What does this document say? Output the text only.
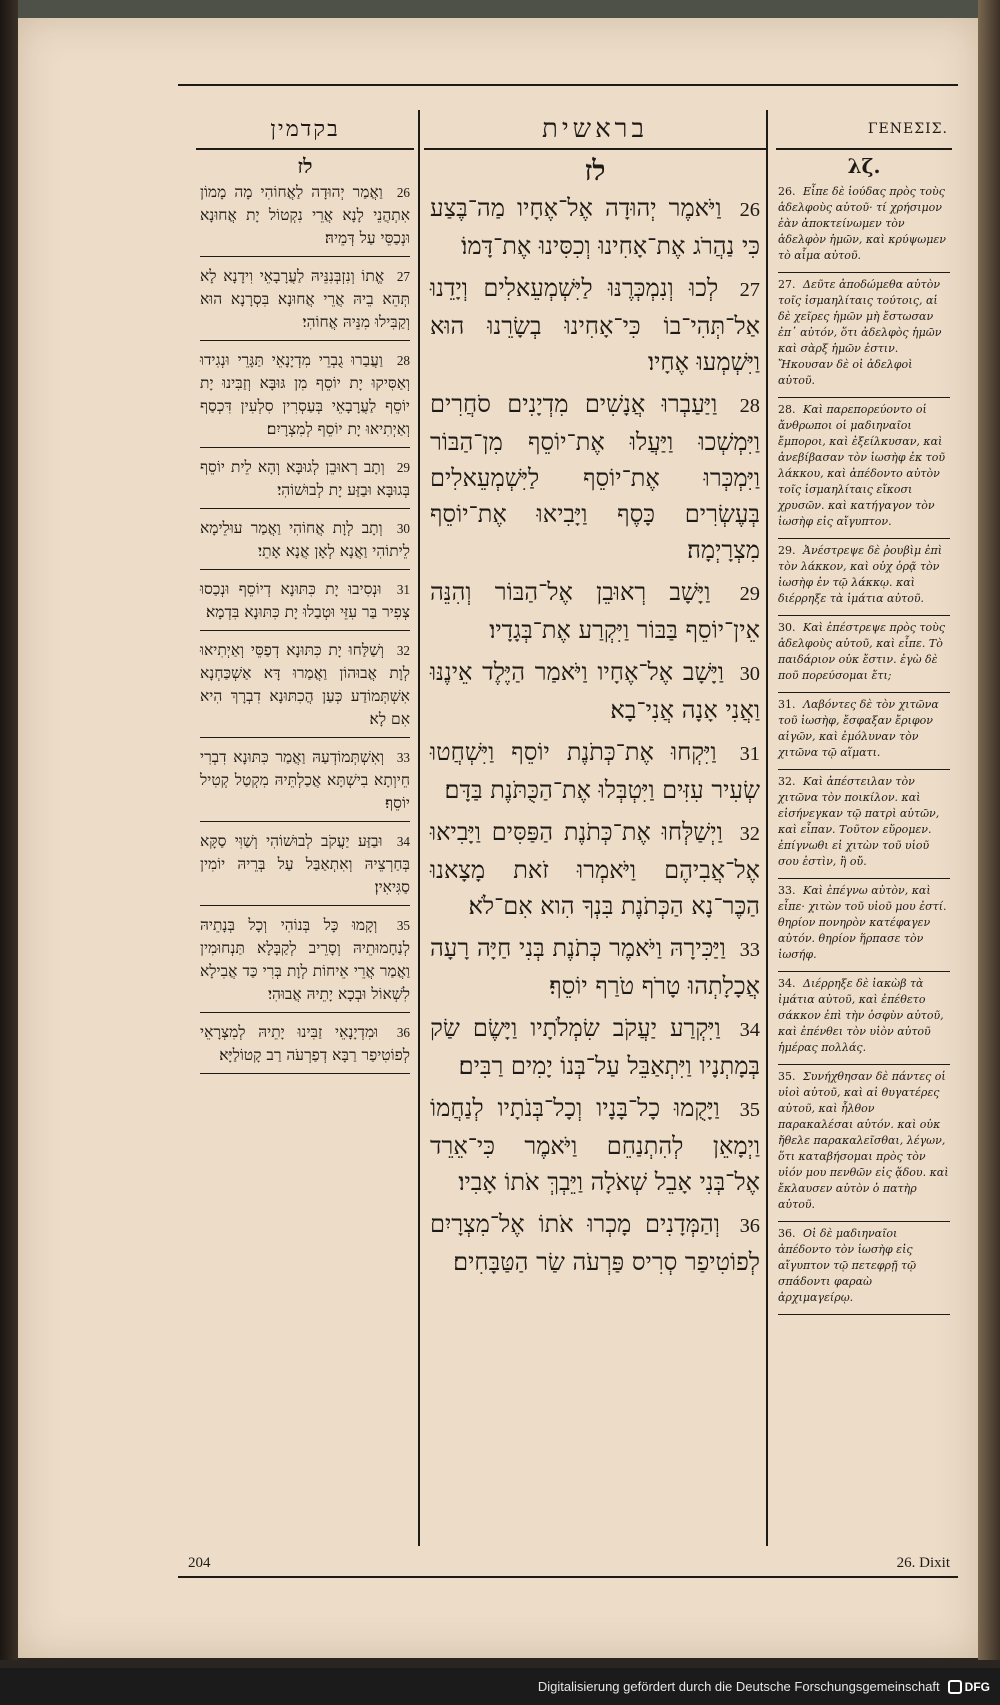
בקדמין
לז
26 וַאֲמַר יְהוּדָה לַאֲחוֹהִי מָה מָמוֹן אִתְהֲנֵי לָנָא אֲרֵי נִקְטוֹל יָת אֲחוּנָא וּנְכַסֵּי עַל דְּמֵיהּ׃
27 אֱתוֹ וְנִזְבְּנִנֵּיהּ לַעֲרָבָאֵי וִידָנָא לָא תְּהֵא בֵיהּ אֲרֵי אֲחוּנָא בִּסְרָנָא הוּא וְקַבִּילוּ מִנֵּיהּ אֲחוֹהִי׃
28 וַעֲבַרוּ גֻבְרֵי מִדְיָנָאֵי תַּגָּרֵי וּנְגִידוּ וְאַסִּיקוּ יָת יוֹסֵף מִן גּוּבָּא וְזַבִּינוּ יָת יוֹסֵף לַעֲרָבָאֵי בְּעַסְרִין סִלְעִין דִּכְסַף וְאַיְתִיאוּ יָת יוֹסֵף לְמִצְרָיִם׃
29 וְתָב רְאוּבֵן לְגוּבָּא וְהָא לֵית יוֹסֵף בְּגוּבָּא וּבַזַּע יָת לְבוּשׁוֹהִי׃
30 וְתָב לְוָת אֲחוֹהִי וַאֲמַר עוּלֵימָא לֵיתוֹהִי וַאֲנָא לְאָן אֲנָא אָתֵי׃
31 וּנְסִיבוּ יָת כִּתּוּנָא דְיוֹסֵף וּנְכַסוּ צְפִיר בַּר עִזֵּי וּטְבַלוּ יָת כִּתּוּנָא בִּדְמָא׃
32 וְשַׁלַּחוּ יָת כִּתּוּנָא דְפַסֵּי וְאַיְתִיאוּ לְוָת אֲבוּהוֹן וַאֲמַרוּ דָּא אַשְׁכַּחְנָא אִשְׁתְּמוֹדַע כְּעַן הֲכִתּוּנָא דִבְרָךְ הִיא אִם לָא׃
33 וְאִשְׁתְּמוֹדְעַהּ וַאֲמַר כִּתּוּנָא דִבְרִי חֵיוְתָא בִישְׁתָּא אֲכַלְתֵּיהּ מִקְטַל קְטִיל יוֹסֵף׃
34 וּבַזַּע יַעֲקֹב לְבוּשׁוֹהִי וְשַׁוִּי סַקָּא בְּחַרְצֵיהּ וְאִתְאַבַּל עַל בְּרֵיהּ יוֹמִין סַגִּיאִין׃
35 וְקָמוּ כָּל בְּנוֹהִי וְכָל בְּנָתֵיהּ לְנַחָמוּתֵיהּ וְסָרֵיב לְקַבָּלָא תַּנְחוּמִין וַאֲמַר אֲרֵי אֵיחוֹת לְוָת בְּרִי כַּד אֲבִילָא לִשְׁאוֹל וּבְכָא יָתֵיהּ אֲבוּהִי׃
36 וּמִדְיָנָאֵי זַבִּינוּ יָתֵיהּ לְמִצְרָאֵי לְפוֹטִיפַר רַבָּא דְפַרְעֹה רַב קָטוֹלַיָּא׃
בראשית
לז
26 וַיֹּאמֶר יְהוּדָה אֶל־אֶחָיו מַה־בֶּצַע כִּי נַהֲרֹג אֶת־אָחִינוּ וְכִסִּינוּ אֶת־דָּמוֹ׃
27 לְכוּ וְנִמְכְּרֶנּוּ לַיִּשְׁמְעֵאלִים וְיָדֵנוּ אַל־תְּהִי־בוֹ כִּי־אָחִינוּ בְשָׂרֵנוּ הוּא וַיִּשְׁמְעוּ אֶחָיו׃
28 וַיַּעַבְרוּ אֲנָשִׁים מִדְיָנִים סֹחֲרִים וַיִּמְשְׁכוּ וַיַּעֲלוּ אֶת־יוֹסֵף מִן־הַבּוֹר וַיִּמְכְּרוּ אֶת־יוֹסֵף לַיִּשְׁמְעֵאלִים בְּעֶשְׂרִים כָּסֶף וַיָּבִיאוּ אֶת־יוֹסֵף מִצְרָיְמָה׃
29 וַיָּשָׁב רְאוּבֵן אֶל־הַבּוֹר וְהִנֵּה אֵין־יוֹסֵף בַּבּוֹר וַיִּקְרַע אֶת־בְּגָדָיו׃
30 וַיָּשָׁב אֶל־אֶחָיו וַיֹּאמַר הַיֶּלֶד אֵינֶנּוּ וַאֲנִי אָנָה אֲנִי־בָא׃
31 וַיִּקְחוּ אֶת־כְּתֹנֶת יוֹסֵף וַיִּשְׁחֲטוּ שְׂעִיר עִזִּים וַיִּטְבְּלוּ אֶת־הַכֻּתֹּנֶת בַּדָּם׃
32 וַיְשַׁלְּחוּ אֶת־כְּתֹנֶת הַפַּסִּים וַיָּבִיאוּ אֶל־אֲבִיהֶם וַיֹּאמְרוּ זֹאת מָצָאנוּ הַכֶּר־נָא הַכְּתֹנֶת בִּנְךָ הִוא אִם־לֹא׃
33 וַיַּכִּירָהּ וַיֹּאמֶר כְּתֹנֶת בְּנִי חַיָּה רָעָה אֲכָלָתְהוּ טָרֹף טֹרַף יוֹסֵף׃
34 וַיִּקְרַע יַעֲקֹב שִׂמְלֹתָיו וַיָּשֶׂם שַׂק בְּמָתְנָיו וַיִּתְאַבֵּל עַל־בְּנוֹ יָמִים רַבִּים׃
35 וַיָּקֻמוּ כָל־בָּנָיו וְכָל־בְּנֹתָיו לְנַחֲמוֹ וַיְמָאֵן לְהִתְנַחֵם וַיֹּאמֶר כִּי־אֵרֵד אֶל־בְּנִי אָבֵל שְׁאֹלָה וַיֵּבְךְּ אֹתוֹ אָבִיו׃
36 וְהַמְּדָנִים מָכְרוּ אֹתוֹ אֶל־מִצְרָיִם לְפוֹטִיפַר סְרִיס פַּרְעֹה שַׂר הַטַּבָּחִים׃
ΓΕΝΕΣΙΣ.
λζ.
26. Εἶπε δὲ ἰούδας πρὸς τοὺς ἀδελφοὺς αὐτοῦ· τί χρήσιμον ἐὰν ἀποκτείνωμεν τὸν ἀδελφὸν ἡμῶν, καὶ κρύψωμεν τὸ αἷμα αὐτοῦ.
27. Δεῦτε ἀποδώμεθα αὐτὸν τοῖς ἰσμαηλίταις τούτοις, αἱ δὲ χεῖρες ἡμῶν μὴ ἔστωσαν ἐπ᾽ αὐτόν, ὅτι ἀδελφὸς ἡμῶν καὶ σὰρξ ἡμῶν ἐστιν. Ἤκουσαν δὲ οἱ ἀδελφοὶ αὐτοῦ.
28. Καὶ παρεπορεύοντο οἱ ἄνθρωποι οἱ μαδιηναῖοι ἔμποροι, καὶ ἐξείλκυσαν, καὶ ἀνεβίβασαν τὸν ἰωσὴφ ἐκ τοῦ λάκκου, καὶ ἀπέδοντο αὐτὸν τοῖς ἰσμαηλίταις εἴκοσι χρυσῶν. καὶ κατήγαγον τὸν ἰωσὴφ εἰς αἴγυπτον.
29. Ἀνέστρεψε δὲ ῥουβὶμ ἐπὶ τὸν λάκκον, καὶ οὐχ ὁρᾷ τὸν ἰωσὴφ ἐν τῷ λάκκῳ. καὶ διέρρηξε τὰ ἱμάτια αὐτοῦ.
30. Καὶ ἐπέστρεψε πρὸς τοὺς ἀδελφοὺς αὐτοῦ, καὶ εἶπε. Τὸ παιδάριον οὐκ ἔστιν. ἐγὼ δὲ ποῦ πορεύσομαι ἔτι;
31. Λαβόντες δὲ τὸν χιτῶνα τοῦ ἰωσὴφ, ἔσφαξαν ἔριφον αἰγῶν, καὶ ἐμόλυναν τὸν χιτῶνα τῷ αἵματι.
32. Καὶ ἀπέστειλαν τὸν χιτῶνα τὸν ποικίλον. καὶ εἰσήνεγκαν τῷ πατρὶ αὐτῶν, καὶ εἶπαν. Τοῦτον εὕρομεν. ἐπίγνωθι εἰ χιτὼν τοῦ υἱοῦ σου ἐστὶν, ἢ οὔ.
33. Καὶ ἐπέγνω αὐτὸν, καὶ εἶπε· χιτὼν τοῦ υἱοῦ μου ἐστί. θηρίον πονηρὸν κατέφαγεν αὐτόν. θηρίον ἥρπασε τὸν ἰωσήφ.
34. Διέρρηξε δὲ ἰακὼβ τὰ ἱμάτια αὐτοῦ, καὶ ἐπέθετο σάκκον ἐπὶ τὴν ὀσφὺν αὐτοῦ, καὶ ἐπένθει τὸν υἱὸν αὐτοῦ ἡμέρας πολλάς.
35. Συνήχθησαν δὲ πάντες οἱ υἱοὶ αὐτοῦ, καὶ αἱ θυγατέρες αὐτοῦ, καὶ ἦλθον παρακαλέσαι αὐτόν. καὶ οὐκ ἤθελε παρακαλεῖσθαι, λέγων, ὅτι καταβήσομαι πρὸς τὸν υἱόν μου πενθῶν εἰς ᾅδου. καὶ ἔκλαυσεν αὐτὸν ὁ πατὴρ αὐτοῦ.
36. Οἱ δὲ μαδιηναῖοι ἀπέδοντο τὸν ἰωσὴφ εἰς αἴγυπτον τῷ πετεφρῇ τῷ σπάδοντι φαραὼ ἀρχιμαγείρῳ.
204	26. Dixit
Digitalisierung gefördert durch die Deutsche Forschungsgemeinschaft DFG
